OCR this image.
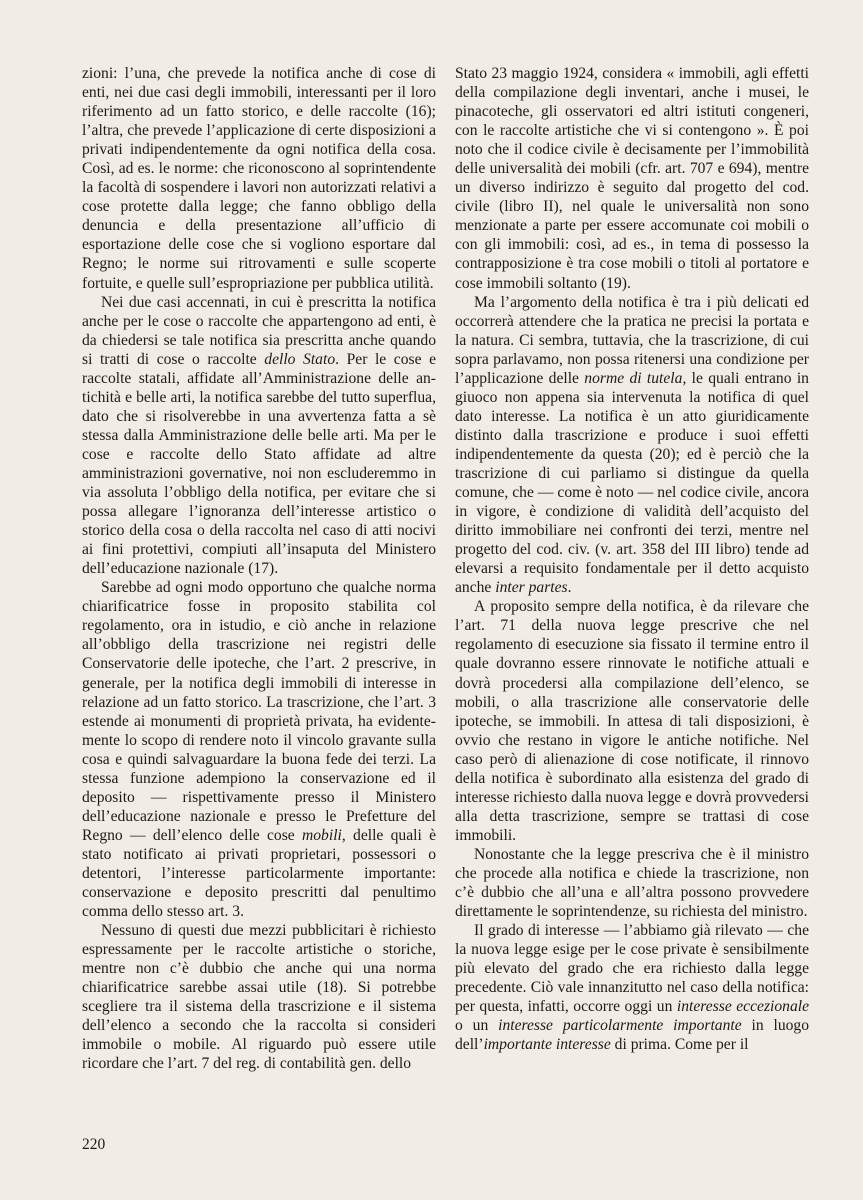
zioni: l’una, che prevede la notifica anche di cose di enti, nei due casi degli immobili, interessanti per il loro riferimento ad un fatto storico, e delle raccolte (16); l’altra, che prevede l’applicazione di certe disposizioni a privati indipendentemente da ogni notifica della cosa. Così, ad es. le norme: che riconoscono al soprintendente la facoltà di sospendere i lavori non autorizzati relativi a cose protette dalla legge; che fanno obbligo della denuncia e della presentazione all’ufficio di esportazione delle cose che si vogliono esportare dal Regno; le norme sui ritrovamenti e sulle scoperte fortuite, e quelle sull’espropriazione per pubblica utilità.

Nei due casi accennati, in cui è prescritta la notifica anche per le cose o raccolte che appartengono ad enti, è da chiedersi se tale notifica sia prescritta anche quando si tratti di cose o raccolte dello Stato. Per le cose e raccolte statali, affidate all’Amministrazione delle antichità e belle arti, la notifica sarebbe del tutto superflua, dato che si risolverebbe in una avvertenza fatta a sè stessa dalla Amministrazione delle belle arti. Ma per le cose e raccolte dello Stato affidate ad altre amministrazioni governative, noi non escluderemmo in via assoluta l’obbligo della notifica, per evitare che si possa allegare l’ignoranza dell’interesse artistico o storico della cosa o della raccolta nel caso di atti nocivi ai fini protettivi, compiuti all’insaputa del Ministero dell’educazione nazionale (17).

Sarebbe ad ogni modo opportuno che qualche norma chiarificatrice fosse in proposito stabilita col regolamento, ora in istudio, e ciò anche in relazione all’obbligo della trascrizione nei registri delle Conservatorie delle ipoteche, che l’art. 2 prescrive, in generale, per la notifica degli immobili di interesse in relazione ad un fatto storico. La trascrizione, che l’art. 3 estende ai monumenti di proprietà privata, ha evidentemente lo scopo di rendere noto il vincolo gravante sulla cosa e quindi salvaguardare la buona fede dei terzi. La stessa funzione adempiono la conservazione ed il deposito — rispettivamente presso il Ministero dell’educazione nazionale e presso le Prefetture del Regno — dell’elenco delle cose mobili, delle quali è stato notificato ai privati proprietari, possessori o detentori, l’interesse particolarmente importante: conservazione e deposito prescritti dal penultimo comma dello stesso art. 3.

Nessuno di questi due mezzi pubblicitari è richiesto espressamente per le raccolte artistiche o storiche, mentre non c’è dubbio che anche qui una norma chiarificatrice sarebbe assai utile (18). Si potrebbe scegliere tra il sistema della trascrizione e il sistema dell’elenco a secondo che la raccolta si consideri immobile o mobile. Al riguardo può essere utile ricordare che l’art. 7 del reg. di contabilità gen. dello

Stato 23 maggio 1924, considera « immobili, agli effetti della compilazione degli inventari, anche i musei, le pinacoteche, gli osservatori ed altri istituti congeneri, con le raccolte artistiche che vi si contengono ». È poi noto che il codice civile è decisamente per l’immobilità delle universalità dei mobili (cfr. art. 707 e 694), mentre un diverso indirizzo è seguito dal progetto del cod. civile (libro II), nel quale le universalità non sono menzionate a parte per essere accomunate coi mobili o con gli immobili: così, ad es., in tema di possesso la contrapposizione è tra cose mobili o titoli al portatore e cose immobili soltanto (19).

Ma l’argomento della notifica è tra i più delicati ed occorrerà attendere che la pratica ne precisi la portata e la natura. Ci sembra, tuttavia, che la trascrizione, di cui sopra parlavamo, non possa ritenersi una condizione per l’applicazione delle norme di tutela, le quali entrano in giuoco non appena sia intervenuta la notifica di quel dato interesse. La notifica è un atto giuridicamente distinto dalla trascrizione e produce i suoi effetti indipendentemente da questa (20); ed è perciò che la trascrizione di cui parliamo si distingue da quella comune, che — come è noto — nel codice civile, ancora in vigore, è condizione di validità dell’acquisto del diritto immobiliare nei confronti dei terzi, mentre nel progetto del cod. civ. (v. art. 358 del III libro) tende ad elevarsi a requisito fondamentale per il detto acquisto anche inter partes.

A proposito sempre della notifica, è da rilevare che l’art. 71 della nuova legge prescrive che nel regolamento di esecuzione sia fissato il termine entro il quale dovranno essere rinnovate le notifiche attuali e dovrà procedersi alla compilazione dell’elenco, se mobili, o alla trascrizione alle conservatorie delle ipoteche, se immobili. In attesa di tali disposizioni, è ovvio che restano in vigore le antiche notifiche. Nel caso però di alienazione di cose notificate, il rinnovo della notifica è subordinato alla esistenza del grado di interesse richiesto dalla nuova legge e dovrà provvedersi alla detta trascrizione, sempre se trattasi di cose immobili.

Nonostante che la legge prescriva che è il ministro che procede alla notifica e chiede la trascrizione, non c’è dubbio che all’una e all’altra possono provvedere direttamente le soprintendenze, su richiesta del ministro.

Il grado di interesse — l’abbiamo già rilevato — che la nuova legge esige per le cose private è sensibilmente più elevato del grado che era richiesto dalla legge precedente. Ciò vale innanzitutto nel caso della notifica: per questa, infatti, occorre oggi un interesse eccezionale o un interesse particolarmente importante in luogo dell’importante interesse di prima. Come per il

220
